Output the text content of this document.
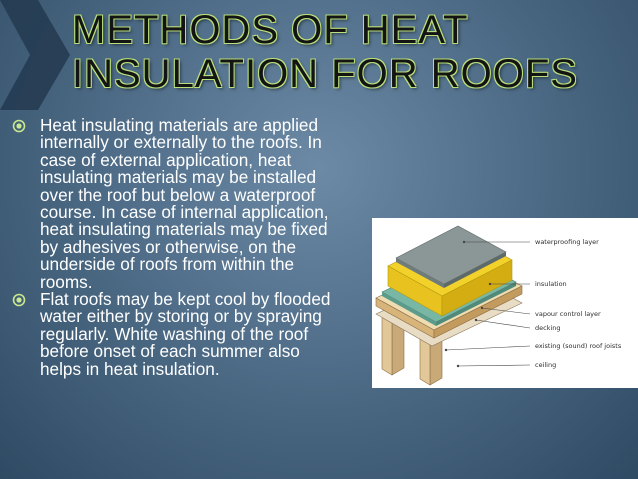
METHODS OF HEAT
INSULATION FOR ROOFS
Heat insulating materials are applied
internally or externally to the roofs. In
case of external application, heat
insulating materials may be installed
over the roof but below a waterproof
course. In case of internal application,
heat insulating materials may be fixed
by adhesives or otherwise, on the
underside of roofs from within the
rooms.
Flat roofs may be kept cool by flooded
water either by storing or by spraying
regularly. White washing of the roof
before onset of each summer also
helps in heat insulation.
waterproofing layer
insulation
vapour control layer
decking
existing (sound) roof joists
ceiling
